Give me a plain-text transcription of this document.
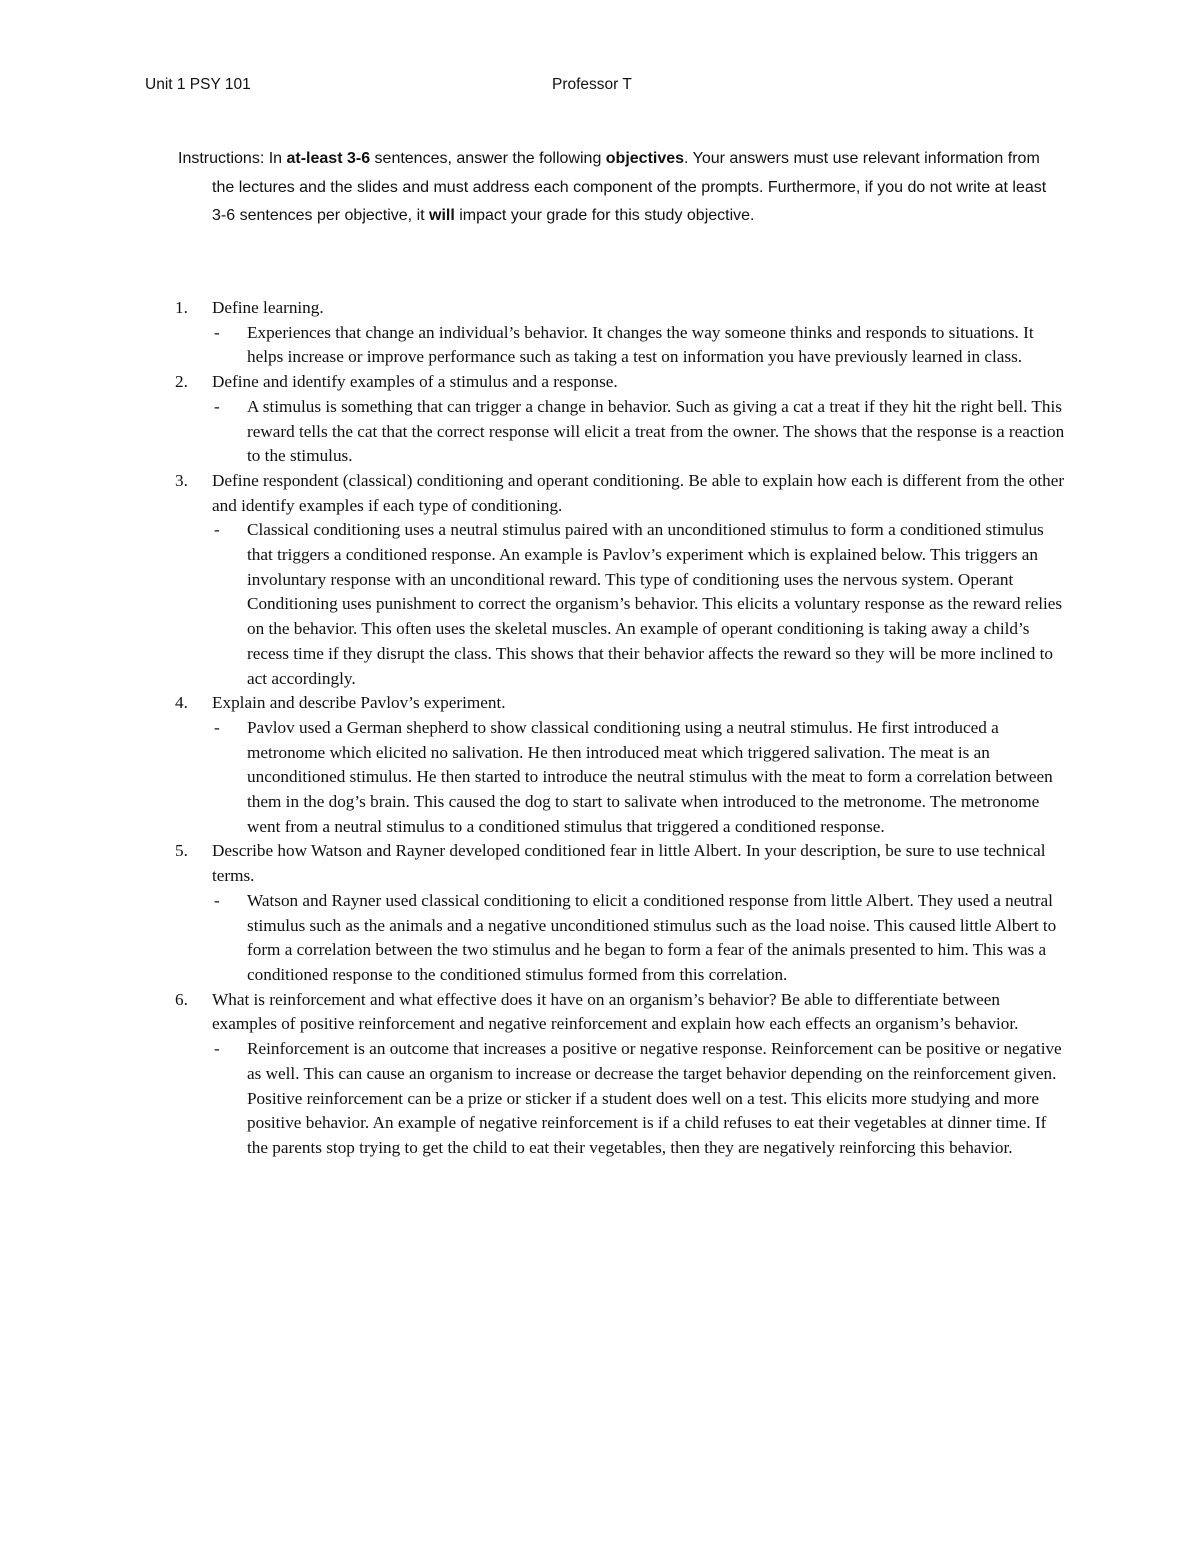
Unit 1 PSY 101	Professor T
Instructions: In at-least 3-6 sentences, answer the following objectives. Your answers must use relevant information from the lectures and the slides and must address each component of the prompts. Furthermore, if you do not write at least 3-6 sentences per objective, it will impact your grade for this study objective.
1. Define learning.
- Experiences that change an individual’s behavior. It changes the way someone thinks and responds to situations. It helps increase or improve performance such as taking a test on information you have previously learned in class.
2. Define and identify examples of a stimulus and a response.
- A stimulus is something that can trigger a change in behavior. Such as giving a cat a treat if they hit the right bell. This reward tells the cat that the correct response will elicit a treat from the owner. The shows that the response is a reaction to the stimulus.
3. Define respondent (classical) conditioning and operant conditioning. Be able to explain how each is different from the other and identify examples if each type of conditioning.
- Classical conditioning uses a neutral stimulus paired with an unconditioned stimulus to form a conditioned stimulus that triggers a conditioned response. An example is Pavlov’s experiment which is explained below. This triggers an involuntary response with an unconditional reward. This type of conditioning uses the nervous system. Operant Conditioning uses punishment to correct the organism’s behavior. This elicits a voluntary response as the reward relies on the behavior. This often uses the skeletal muscles. An example of operant conditioning is taking away a child’s recess time if they disrupt the class. This shows that their behavior affects the reward so they will be more inclined to act accordingly.
4. Explain and describe Pavlov’s experiment.
- Pavlov used a German shepherd to show classical conditioning using a neutral stimulus. He first introduced a metronome which elicited no salivation. He then introduced meat which triggered salivation. The meat is an unconditioned stimulus. He then started to introduce the neutral stimulus with the meat to form a correlation between them in the dog’s brain. This caused the dog to start to salivate when introduced to the metronome. The metronome went from a neutral stimulus to a conditioned stimulus that triggered a conditioned response.
5. Describe how Watson and Rayner developed conditioned fear in little Albert. In your description, be sure to use technical terms.
- Watson and Rayner used classical conditioning to elicit a conditioned response from little Albert. They used a neutral stimulus such as the animals and a negative unconditioned stimulus such as the load noise. This caused little Albert to form a correlation between the two stimulus and he began to form a fear of the animals presented to him. This was a conditioned response to the conditioned stimulus formed from this correlation.
6. What is reinforcement and what effective does it have on an organism’s behavior? Be able to differentiate between examples of positive reinforcement and negative reinforcement and explain how each effects an organism’s behavior.
- Reinforcement is an outcome that increases a positive or negative response. Reinforcement can be positive or negative as well. This can cause an organism to increase or decrease the target behavior depending on the reinforcement given. Positive reinforcement can be a prize or sticker if a student does well on a test. This elicits more studying and more positive behavior. An example of negative reinforcement is if a child refuses to eat their vegetables at dinner time. If the parents stop trying to get the child to eat their vegetables, then they are negatively reinforcing this behavior.
